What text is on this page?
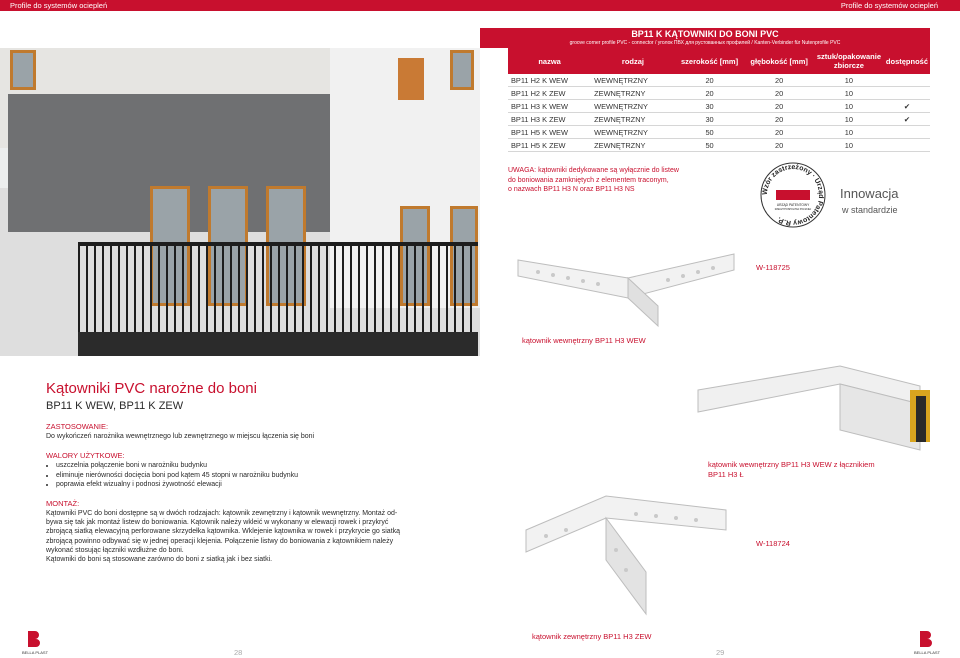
Profile do systemów ociepleń	Profile do systemów ociepleń
BP11 K KĄTOWNIKI DO BONI PVC
groove corner profile PVC - connector / уголок ПВХ для рустованных профилей / Kanten-Verbinder für Nutenprofile PVC
nazwa	rodzaj	szerokość [mm]	głębokość [mm]	sztuk/opakowanie zbiorcze	dostępność
BP11 H2 K WEW	WEWNĘTRZNY	20	20	10	
BP11 H2 K ZEW	ZEWNĘTRZNY	20	20	10	
BP11 H3 K WEW	WEWNĘTRZNY	30	20	10	✔
BP11 H3 K ZEW	ZEWNĘTRZNY	30	20	10	✔
BP11 H5 K WEW	WEWNĘTRZNY	50	20	10	
BP11 H5 K ZEW	ZEWNĘTRZNY	50	20	10	
UWAGA: kątowniki dedykowane są wyłącznie do listew
do boniowania zamkniętych z elementem traconym,
o nazwach BP11 H3 N oraz BP11 H3 NS	Wzór zastrzeżony · Urząd Patentowy R.P.
URZĄD PATENTOWY
RZECZYPOSPOLITEJ POLSKIEJ
Innowacja
w standardzie
W-118725
kątownik wewnętrzny BP11 H3 WEW
kątownik wewnętrzny BP11 H3 WEW z łącznikiem BP11 H3 Ł
W-118724
kątownik zewnętrzny BP11 H3 ZEW
Kątowniki PVC narożne do boni
BP11 K WEW, BP11 K ZEW
ZASTOSOWANIE:
Do wykończeń narożnika wewnętrznego lub zewnętrznego w miejscu łączenia się boni
WALORY UŻYTKOWE:
• uszczelnia połączenie boni w narożniku budynku
• eliminuje nierówności docięcia boni pod kątem 45 stopni w narożniku budynku
• poprawia efekt wizualny i podnosi żywotność elewacji
MONTAŻ:
Kątowniki PVC do boni dostępne są w dwóch rodzajach: kątownik zewnętrzny i kątownik wewnętrzny. Montaż od-
bywa się tak jak montaż listew do boniowania. Kątownik należy wkleić w wykonany w elewacji rowek i przykryć
zbrojącą siatką elewacyjną perforowane skrzydełka kątownika. Wklejenie kątownika w rowek i przykrycie go siatką
zbrojącą powinno odbywać się w jednej operacji klejenia. Połączenie listwy do boniowania z kątownikiem należy
wykonać stosując łączniki wzdłużne do boni.
Kątowniki do boni są stosowane zarówno do boni z siatką jak i bez siatki.
BELLA PLAST	28	29	BELLA PLAST
